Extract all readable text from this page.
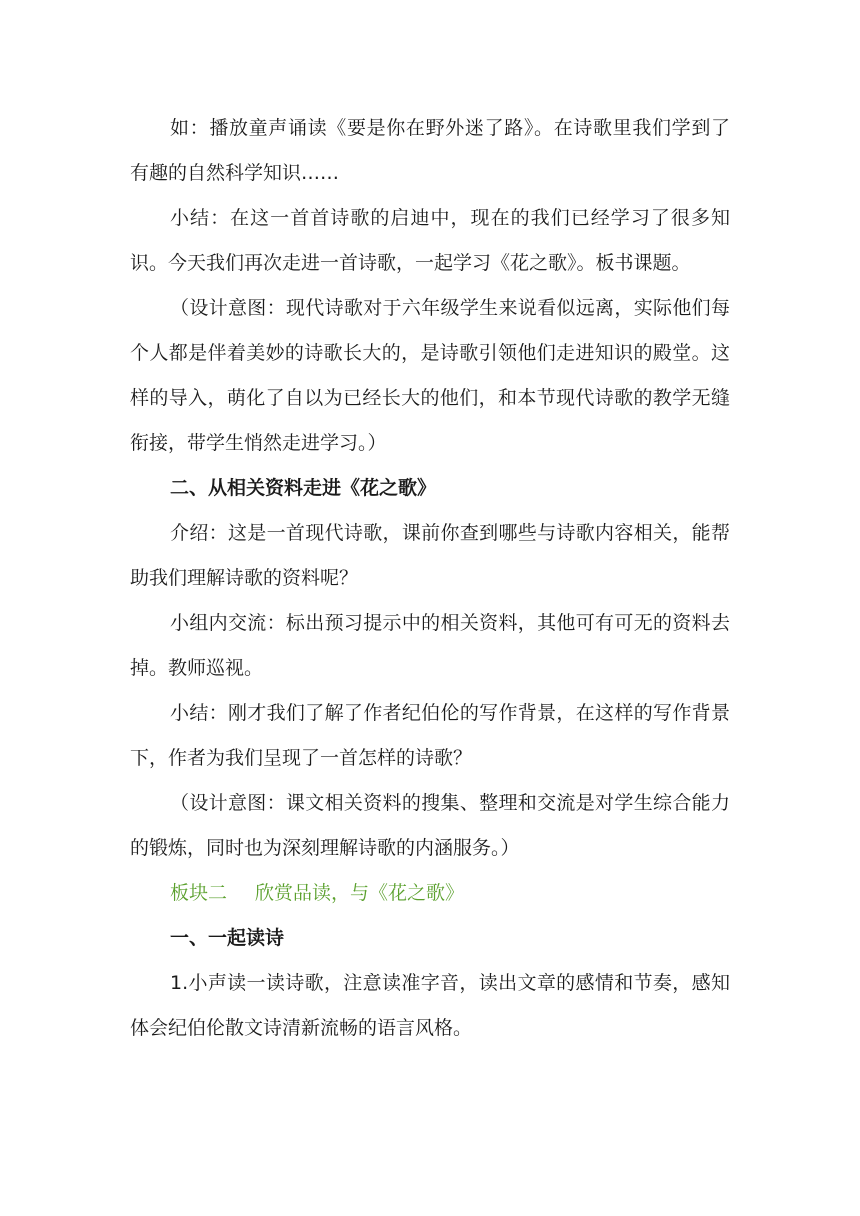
如：播放童声诵读《要是你在野外迷了路》。在诗歌里我们学到了有趣的自然科学知识……

小结：在这一首首诗歌的启迪中，现在的我们已经学习了很多知识。今天我们再次走进一首诗歌，一起学习《花之歌》。板书课题。

（设计意图：现代诗歌对于六年级学生来说看似远离，实际他们每个人都是伴着美妙的诗歌长大的，是诗歌引领他们走进知识的殿堂。这样的导入，萌化了自以为已经长大的他们，和本节现代诗歌的教学无缝衔接，带学生悄然走进学习。）

二、从相关资料走进《花之歌》

介绍：这是一首现代诗歌，课前你查到哪些与诗歌内容相关，能帮助我们理解诗歌的资料呢？

小组内交流：标出预习提示中的相关资料，其他可有可无的资料去掉。教师巡视。

小结：刚才我们了解了作者纪伯伦的写作背景，在这样的写作背景下，作者为我们呈现了一首怎样的诗歌？

（设计意图：课文相关资料的搜集、整理和交流是对学生综合能力的锻炼，同时也为深刻理解诗歌的内涵服务。）

板块二 欣赏品读，与《花之歌》

一、一起读诗

1.小声读一读诗歌，注意读准字音，读出文章的感情和节奏，感知体会纪伯伦散文诗清新流畅的语言风格。
